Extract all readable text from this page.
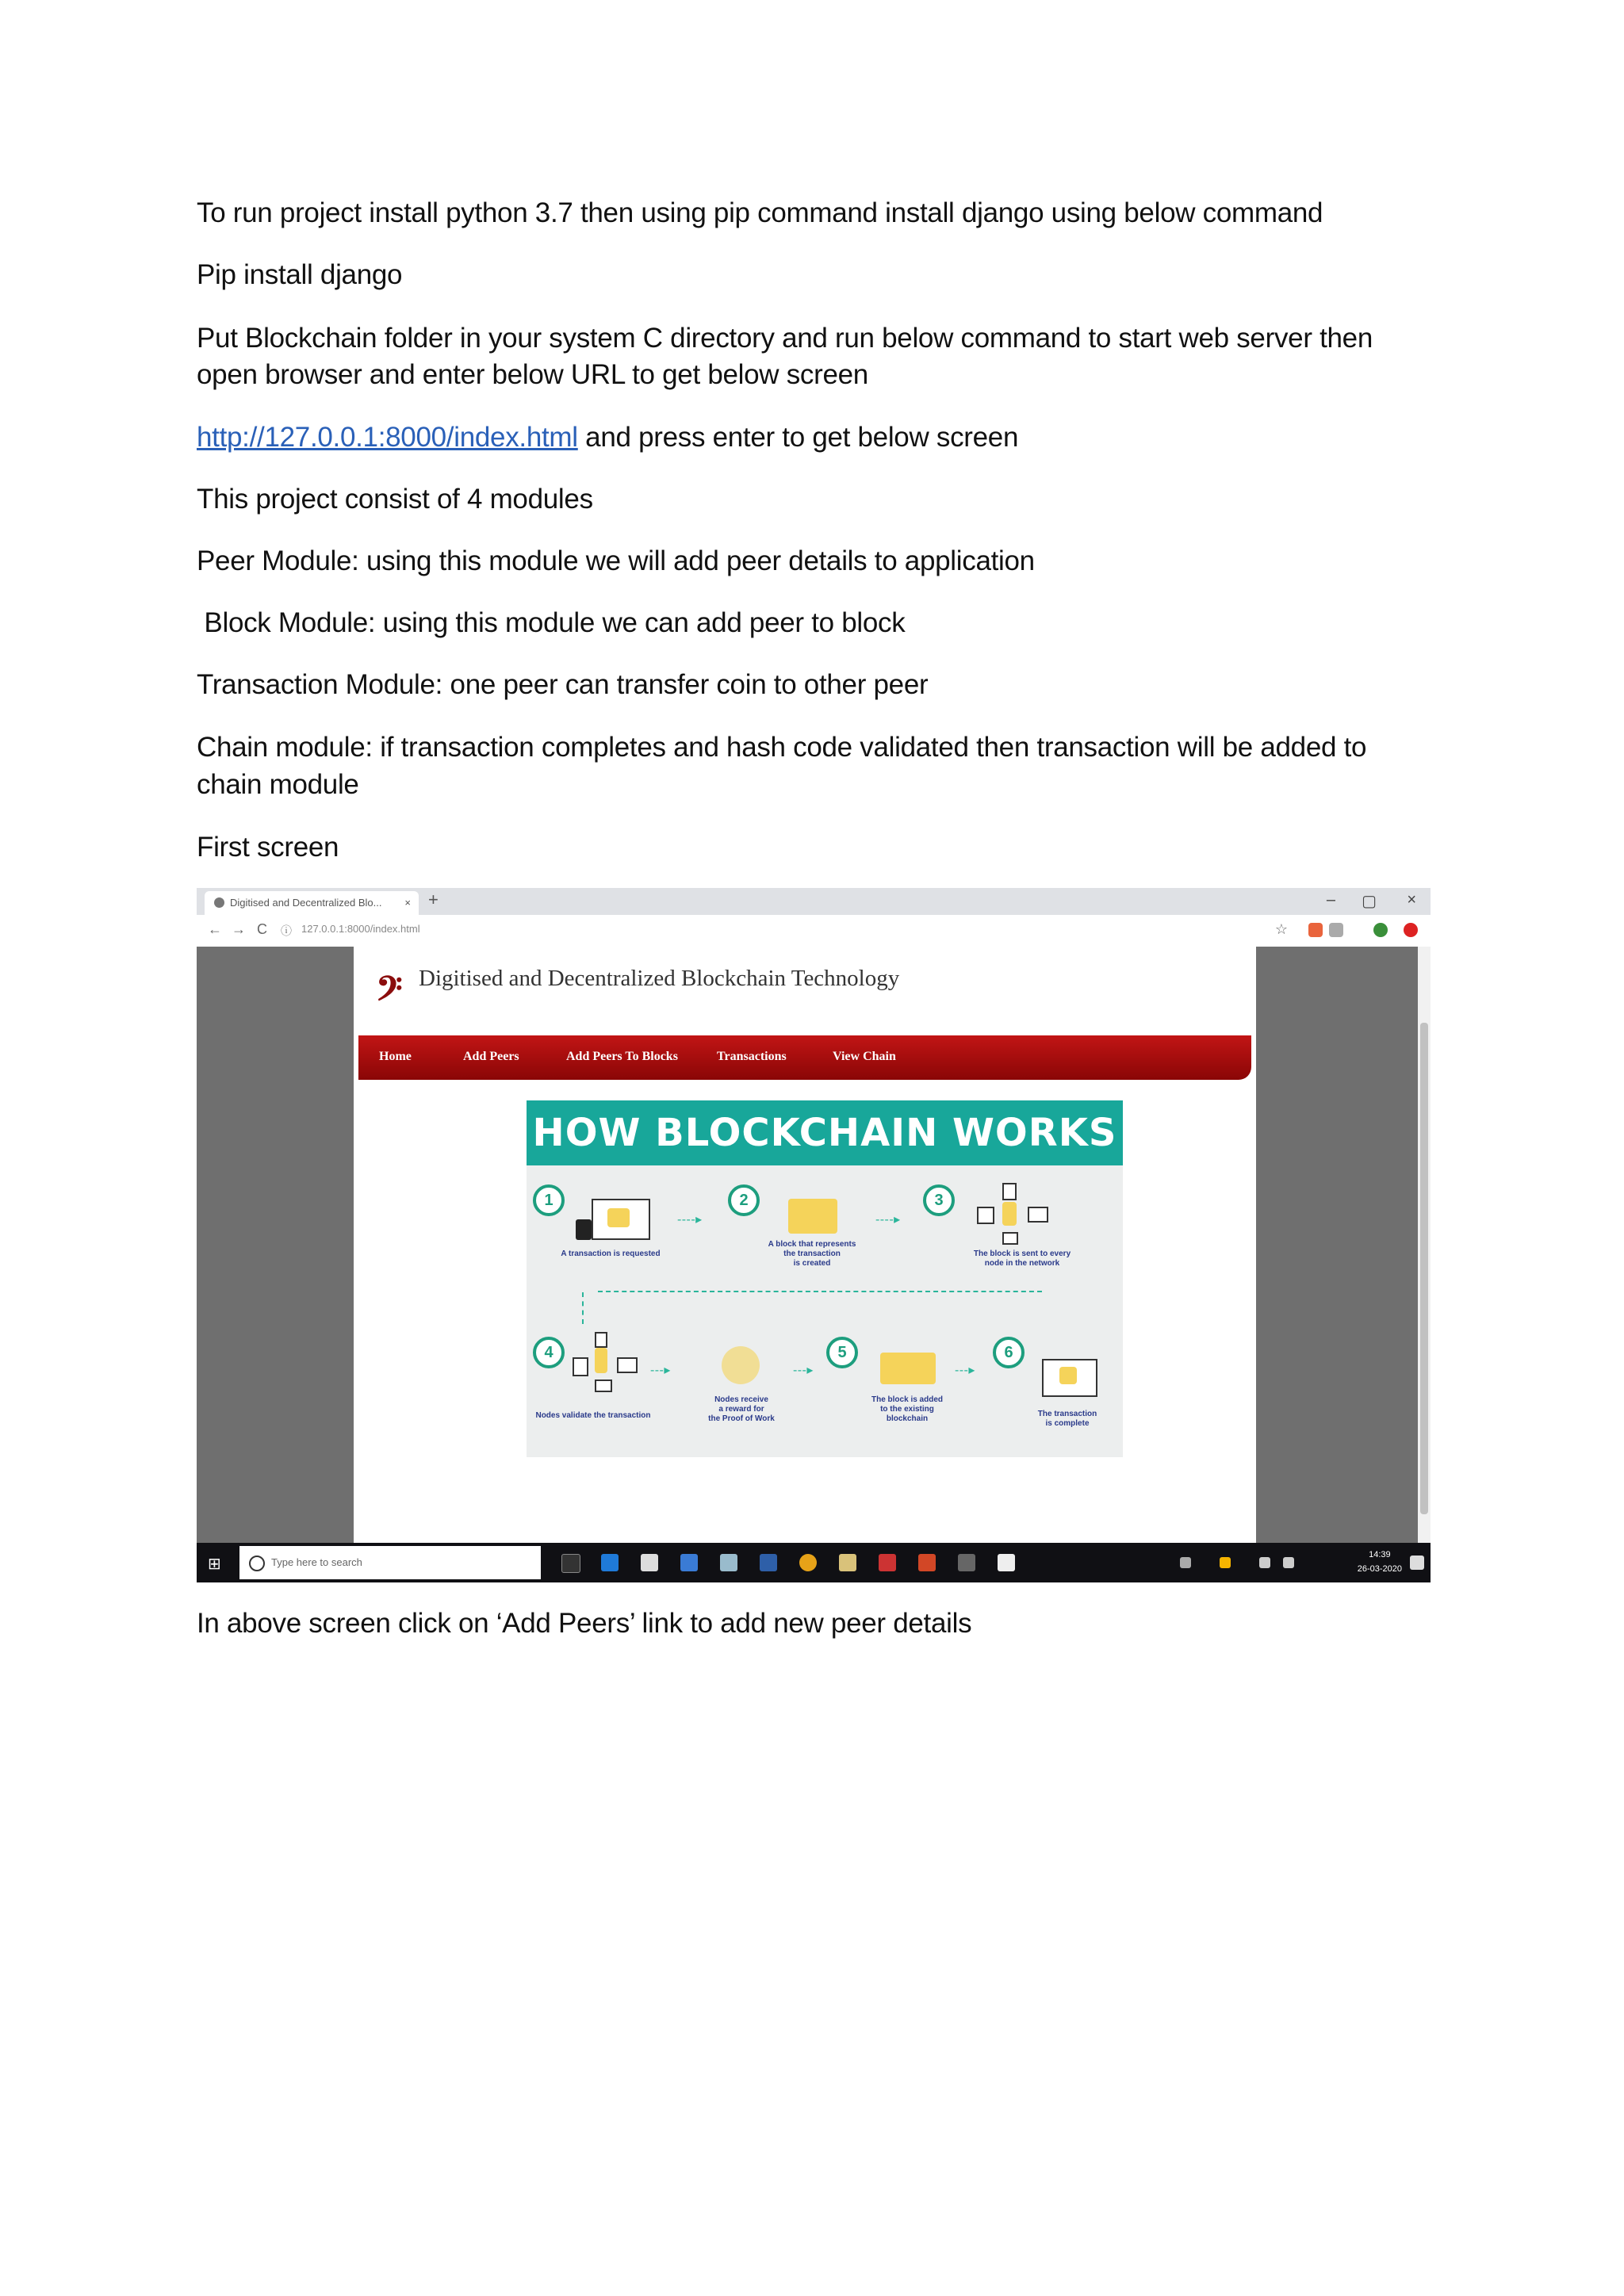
To run project install python 3.7 then using pip command install django using below command
Pip install django
Put Blockchain folder in your system C directory and run below command to start web server then
open browser and enter below URL to get below screen
http://127.0.0.1:8000/index.html and press enter to get below screen
This project consist of 4 modules
Peer Module: using this module we will add peer details to application
Block Module: using this module we can add peer to block
Transaction Module: one peer can transfer coin to other peer
Chain module: if transaction completes and hash code validated then transaction will be added to
chain module
First screen
Digitised and Decentralized Blo... × +	– ▢ ×
← → C ⓘ 127.0.0.1:8000/index.html	☆
𝄢 Digitised and Decentralized Blockchain Technology
Home	Add Peers	Add Peers To Blocks	Transactions	View Chain
HOW BLOCKCHAIN WORKS
1
A transaction is requested
- - - - ▸
2
A block that represents
the transaction
is created
- - - - ▸
3
The block is sent to every
node in the network
4
Nodes validate the transaction
- - - ▸
Nodes receive
a reward for
the Proof of Work
- - - ▸
5
The block is added
to the existing
blockchain
- - - ▸
6
The transaction
is complete
⊞	Type here to search
14:39
26-03-2020
In above screen click on ‘Add Peers’ link to add new peer details
